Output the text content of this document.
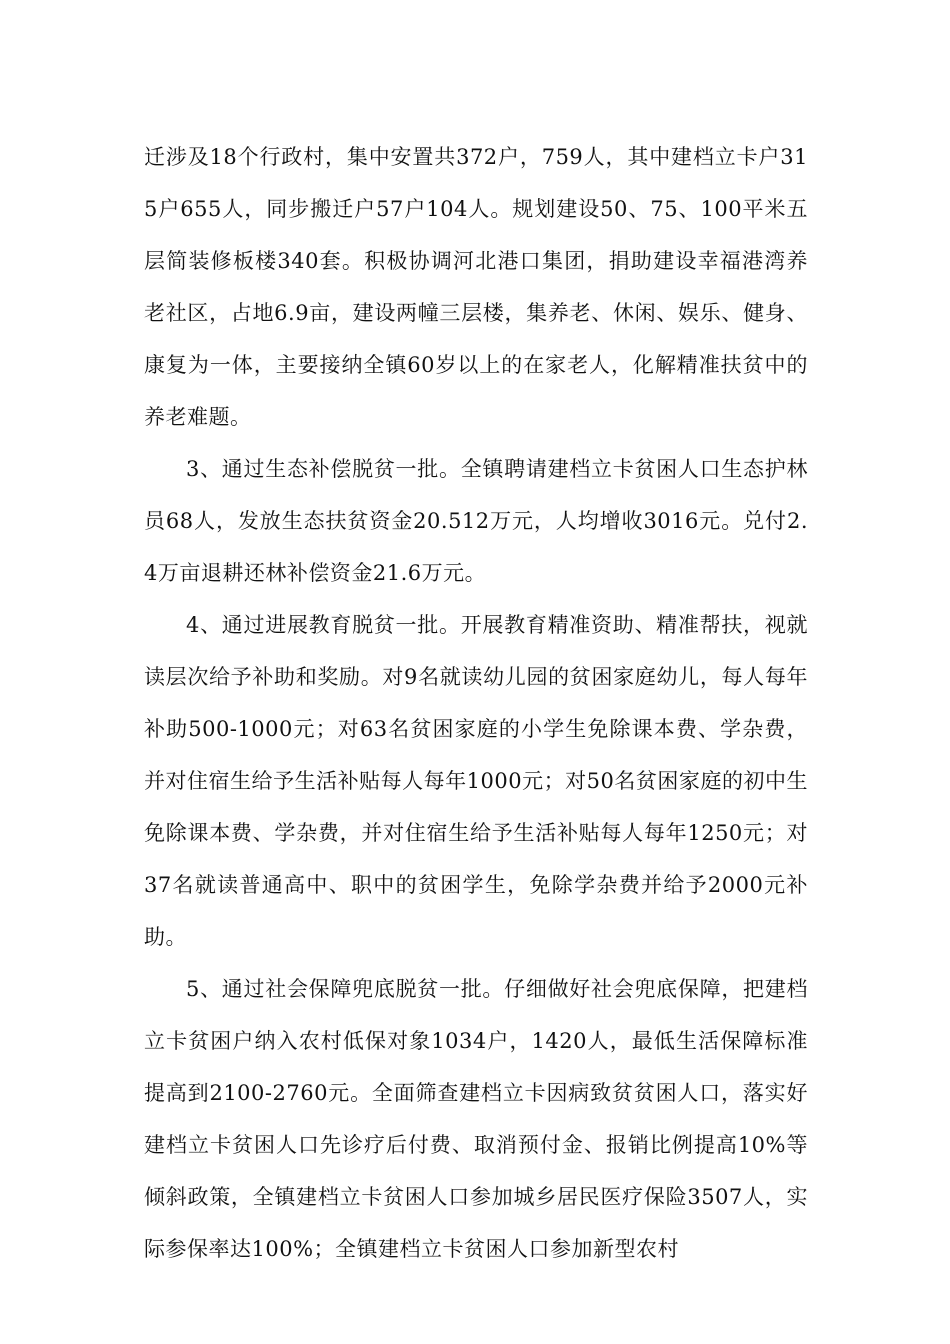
迁涉及18个行政村，集中安置共372户，759人，其中建档立卡户315户655人，同步搬迁户57户104人。规划建设50、75、100平米五层简装修板楼340套。积极协调河北港口集团，捐助建设幸福港湾养老社区，占地6.9亩，建设两幢三层楼，集养老、休闲、娱乐、健身、康复为一体，主要接纳全镇60岁以上的在家老人，化解精准扶贫中的养老难题。

3、通过生态补偿脱贫一批。全镇聘请建档立卡贫困人口生态护林员68人，发放生态扶贫资金20.512万元，人均增收3016元。兑付2.4万亩退耕还林补偿资金21.6万元。

4、通过进展教育脱贫一批。开展教育精准资助、精准帮扶，视就读层次给予补助和奖励。对9名就读幼儿园的贫困家庭幼儿，每人每年补助500-1000元；对63名贫困家庭的小学生免除课本费、学杂费，并对住宿生给予生活补贴每人每年1000元；对50名贫困家庭的初中生免除课本费、学杂费，并对住宿生给予生活补贴每人每年1250元；对37名就读普通高中、职中的贫困学生，免除学杂费并给予2000元补助。

5、通过社会保障兜底脱贫一批。仔细做好社会兜底保障，把建档立卡贫困户纳入农村低保对象1034户，1420人，最低生活保障标准提高到2100-2760元。全面筛查建档立卡因病致贫贫困人口，落实好建档立卡贫困人口先诊疗后付费、取消预付金、报销比例提高10%等倾斜政策，全镇建档立卡贫困人口参加城乡居民医疗保险3507人，实际参保率达100%；全镇建档立卡贫困人口参加新型农村
